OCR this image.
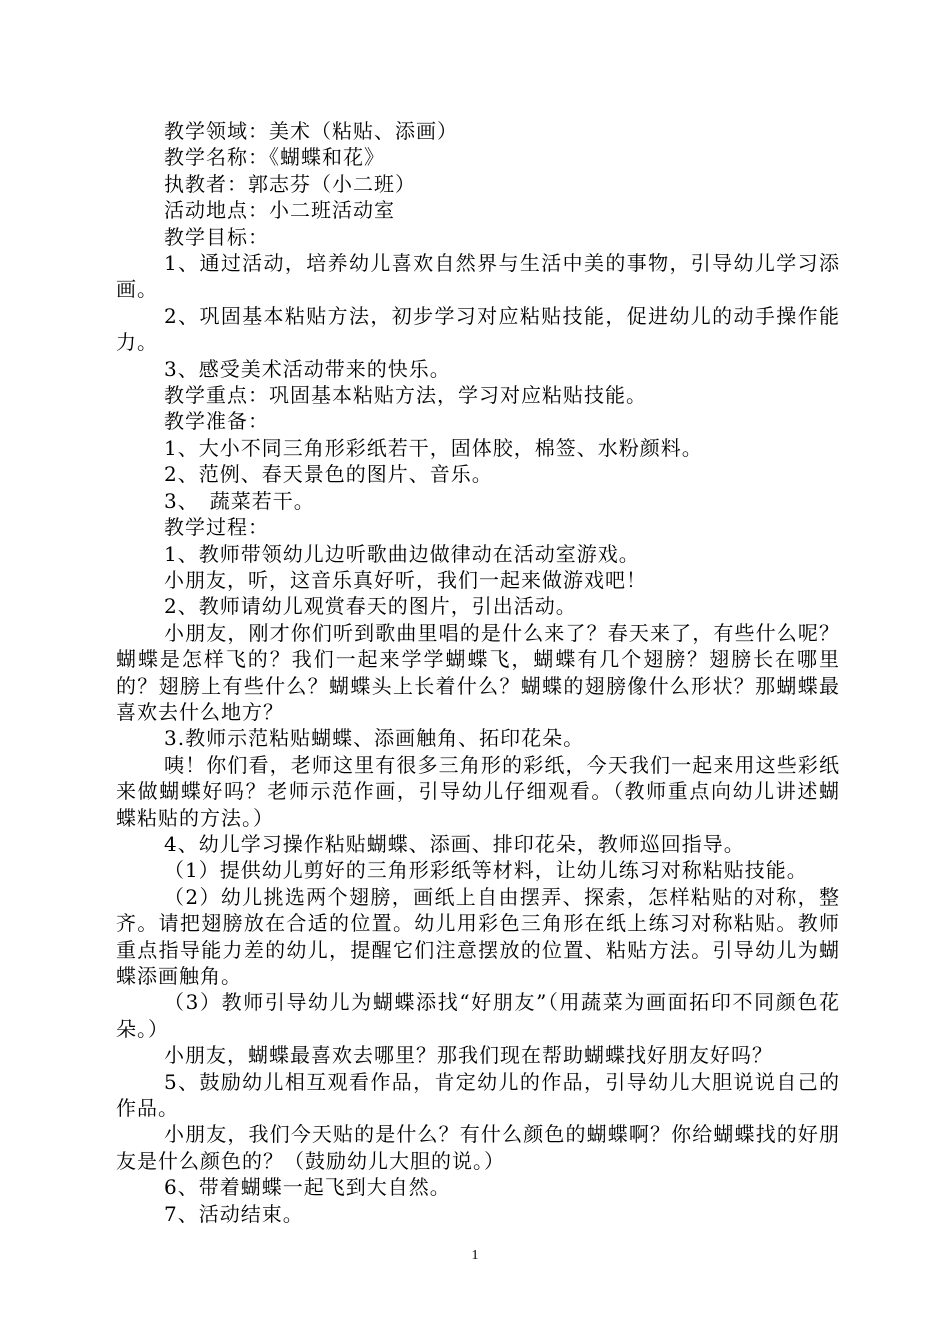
教学领域：美术（粘贴、添画）

教学名称：《蝴蝶和花》

执教者：郭志芬（小二班）

活动地点：小二班活动室

教学目标：

1、通过活动，培养幼儿喜欢自然界与生活中美的事物，引导幼儿学习添画。

2、巩固基本粘贴方法，初步学习对应粘贴技能，促进幼儿的动手操作能力。

3、感受美术活动带来的快乐。

教学重点：巩固基本粘贴方法，学习对应粘贴技能。

教学准备：

1、大小不同三角形彩纸若干，固体胶，棉签、水粉颜料。

2、范例、春天景色的图片、音乐。

3、　蔬菜若干。

教学过程：

1、教师带领幼儿边听歌曲边做律动在活动室游戏。

小朋友，听，这音乐真好听，我们一起来做游戏吧！

2、教师请幼儿观赏春天的图片，引出活动。

小朋友，刚才你们听到歌曲里唱的是什么来了？春天来了，有些什么呢？蝴蝶是怎样飞的？我们一起来学学蝴蝶飞，蝴蝶有几个翅膀？翅膀长在哪里的？翅膀上有些什么？蝴蝶头上长着什么？蝴蝶的翅膀像什么形状？那蝴蝶最喜欢去什么地方？

3.教师示范粘贴蝴蝶、添画触角、拓印花朵。

咦！你们看，老师这里有很多三角形的彩纸，今天我们一起来用这些彩纸来做蝴蝶好吗？老师示范作画，引导幼儿仔细观看。（教师重点向幼儿讲述蝴蝶粘贴的方法。）

4、幼儿学习操作粘贴蝴蝶、添画、排印花朵，教师巡回指导。

（1）提供幼儿剪好的三角形彩纸等材料，让幼儿练习对称粘贴技能。

（2）幼儿挑选两个翅膀，画纸上自由摆弄、探索，怎样粘贴的对称，整齐。请把翅膀放在合适的位置。幼儿用彩色三角形在纸上练习对称粘贴。教师重点指导能力差的幼儿，提醒它们注意摆放的位置、粘贴方法。引导幼儿为蝴蝶添画触角。

（3）教师引导幼儿为蝴蝶添找“好朋友”（用蔬菜为画面拓印不同颜色花朵。）

小朋友，蝴蝶最喜欢去哪里？那我们现在帮助蝴蝶找好朋友好吗？

5、鼓励幼儿相互观看作品，肯定幼儿的作品，引导幼儿大胆说说自己的作品。

小朋友，我们今天贴的是什么？有什么颜色的蝴蝶啊？你给蝴蝶找的好朋友是什么颜色的？（鼓励幼儿大胆的说。）

6、带着蝴蝶一起飞到大自然。

7、活动结束。

1
